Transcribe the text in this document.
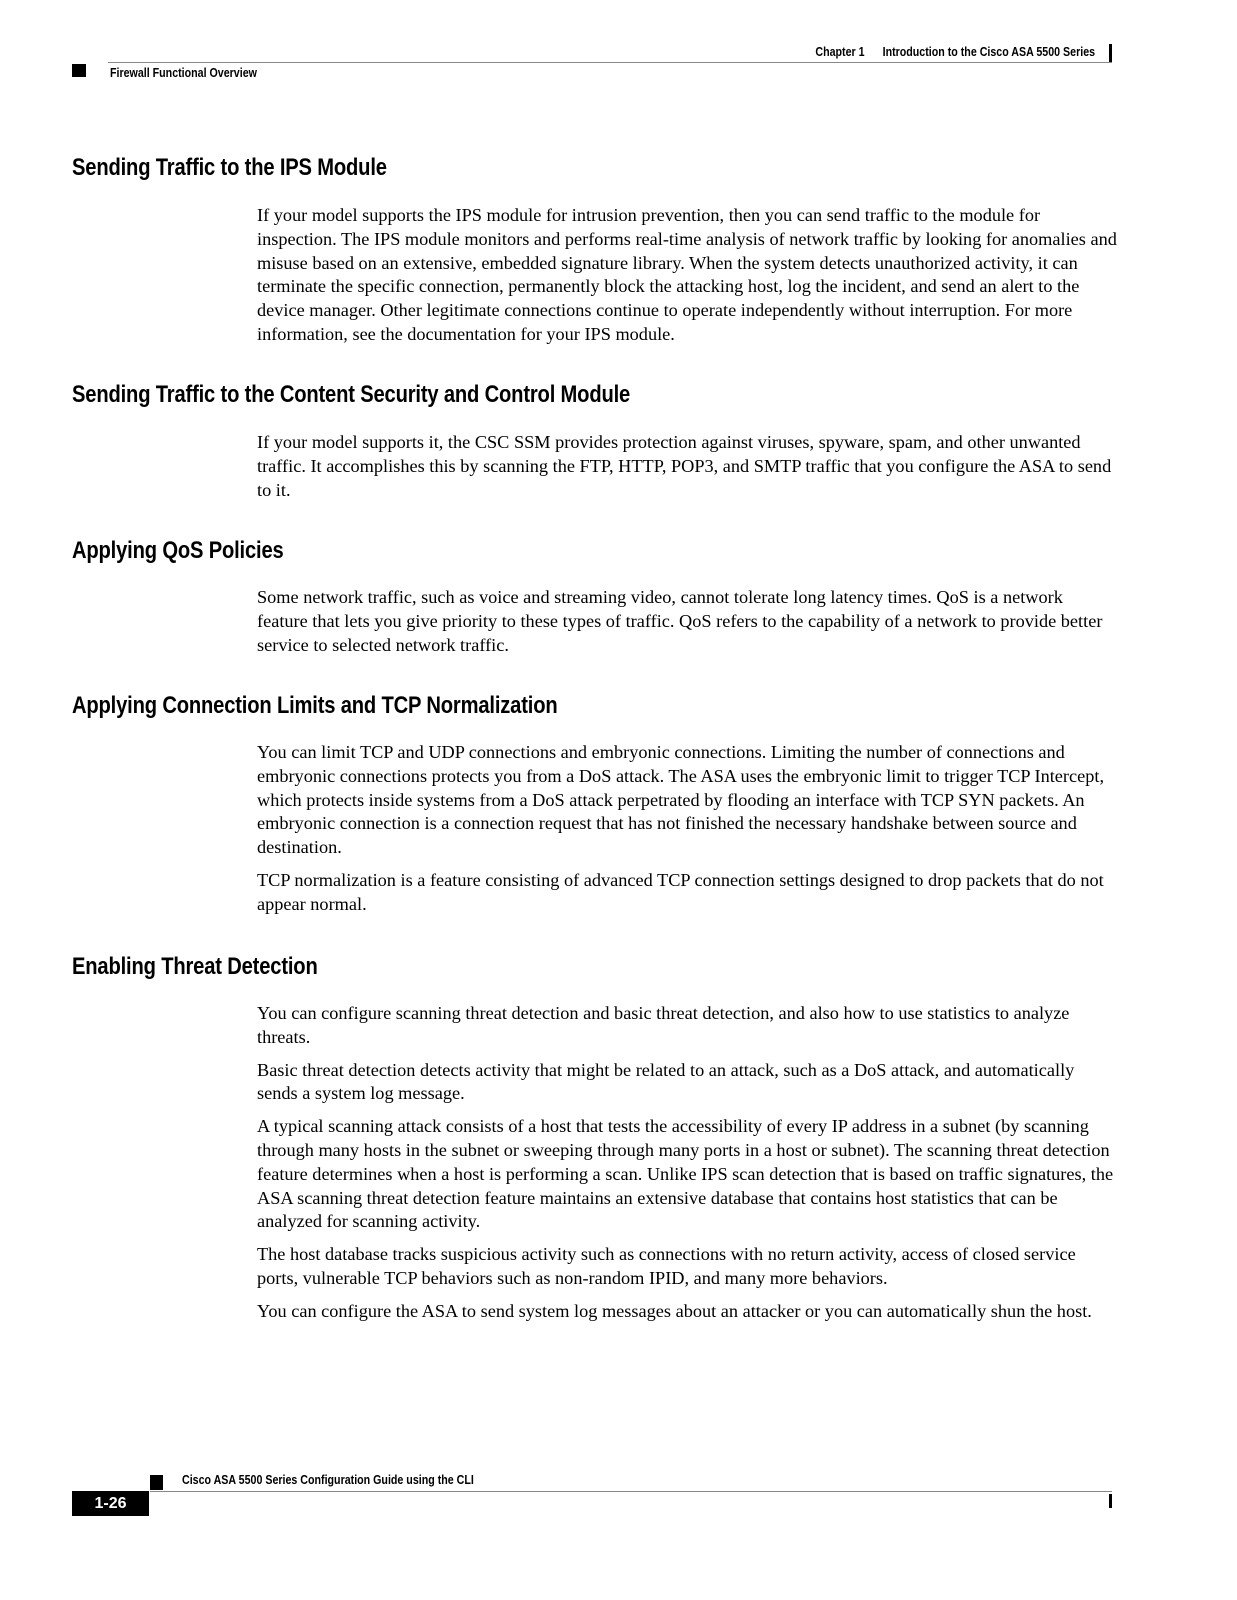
Chapter 1 Introduction to the Cisco ASA 5500 Series
Firewall Functional Overview
Sending Traffic to the IPS Module

If your model supports the IPS module for intrusion prevention, then you can send traffic to the module for inspection. The IPS module monitors and performs real-time analysis of network traffic by looking for anomalies and misuse based on an extensive, embedded signature library. When the system detects unauthorized activity, it can terminate the specific connection, permanently block the attacking host, log the incident, and send an alert to the device manager. Other legitimate connections continue to operate independently without interruption. For more information, see the documentation for your IPS module.

Sending Traffic to the Content Security and Control Module

If your model supports it, the CSC SSM provides protection against viruses, spyware, spam, and other unwanted traffic. It accomplishes this by scanning the FTP, HTTP, POP3, and SMTP traffic that you configure the ASA to send to it.

Applying QoS Policies

Some network traffic, such as voice and streaming video, cannot tolerate long latency times. QoS is a network feature that lets you give priority to these types of traffic. QoS refers to the capability of a network to provide better service to selected network traffic.

Applying Connection Limits and TCP Normalization

You can limit TCP and UDP connections and embryonic connections. Limiting the number of connections and embryonic connections protects you from a DoS attack. The ASA uses the embryonic limit to trigger TCP Intercept, which protects inside systems from a DoS attack perpetrated by flooding an interface with TCP SYN packets. An embryonic connection is a connection request that has not finished the necessary handshake between source and destination.

TCP normalization is a feature consisting of advanced TCP connection settings designed to drop packets that do not appear normal.

Enabling Threat Detection

You can configure scanning threat detection and basic threat detection, and also how to use statistics to analyze threats.

Basic threat detection detects activity that might be related to an attack, such as a DoS attack, and automatically sends a system log message.

A typical scanning attack consists of a host that tests the accessibility of every IP address in a subnet (by scanning through many hosts in the subnet or sweeping through many ports in a host or subnet). The scanning threat detection feature determines when a host is performing a scan. Unlike IPS scan detection that is based on traffic signatures, the ASA scanning threat detection feature maintains an extensive database that contains host statistics that can be analyzed for scanning activity.

The host database tracks suspicious activity such as connections with no return activity, access of closed service ports, vulnerable TCP behaviors such as non-random IPID, and many more behaviors.

You can configure the ASA to send system log messages about an attacker or you can automatically shun the host.

Cisco ASA 5500 Series Configuration Guide using the CLI
1-26
